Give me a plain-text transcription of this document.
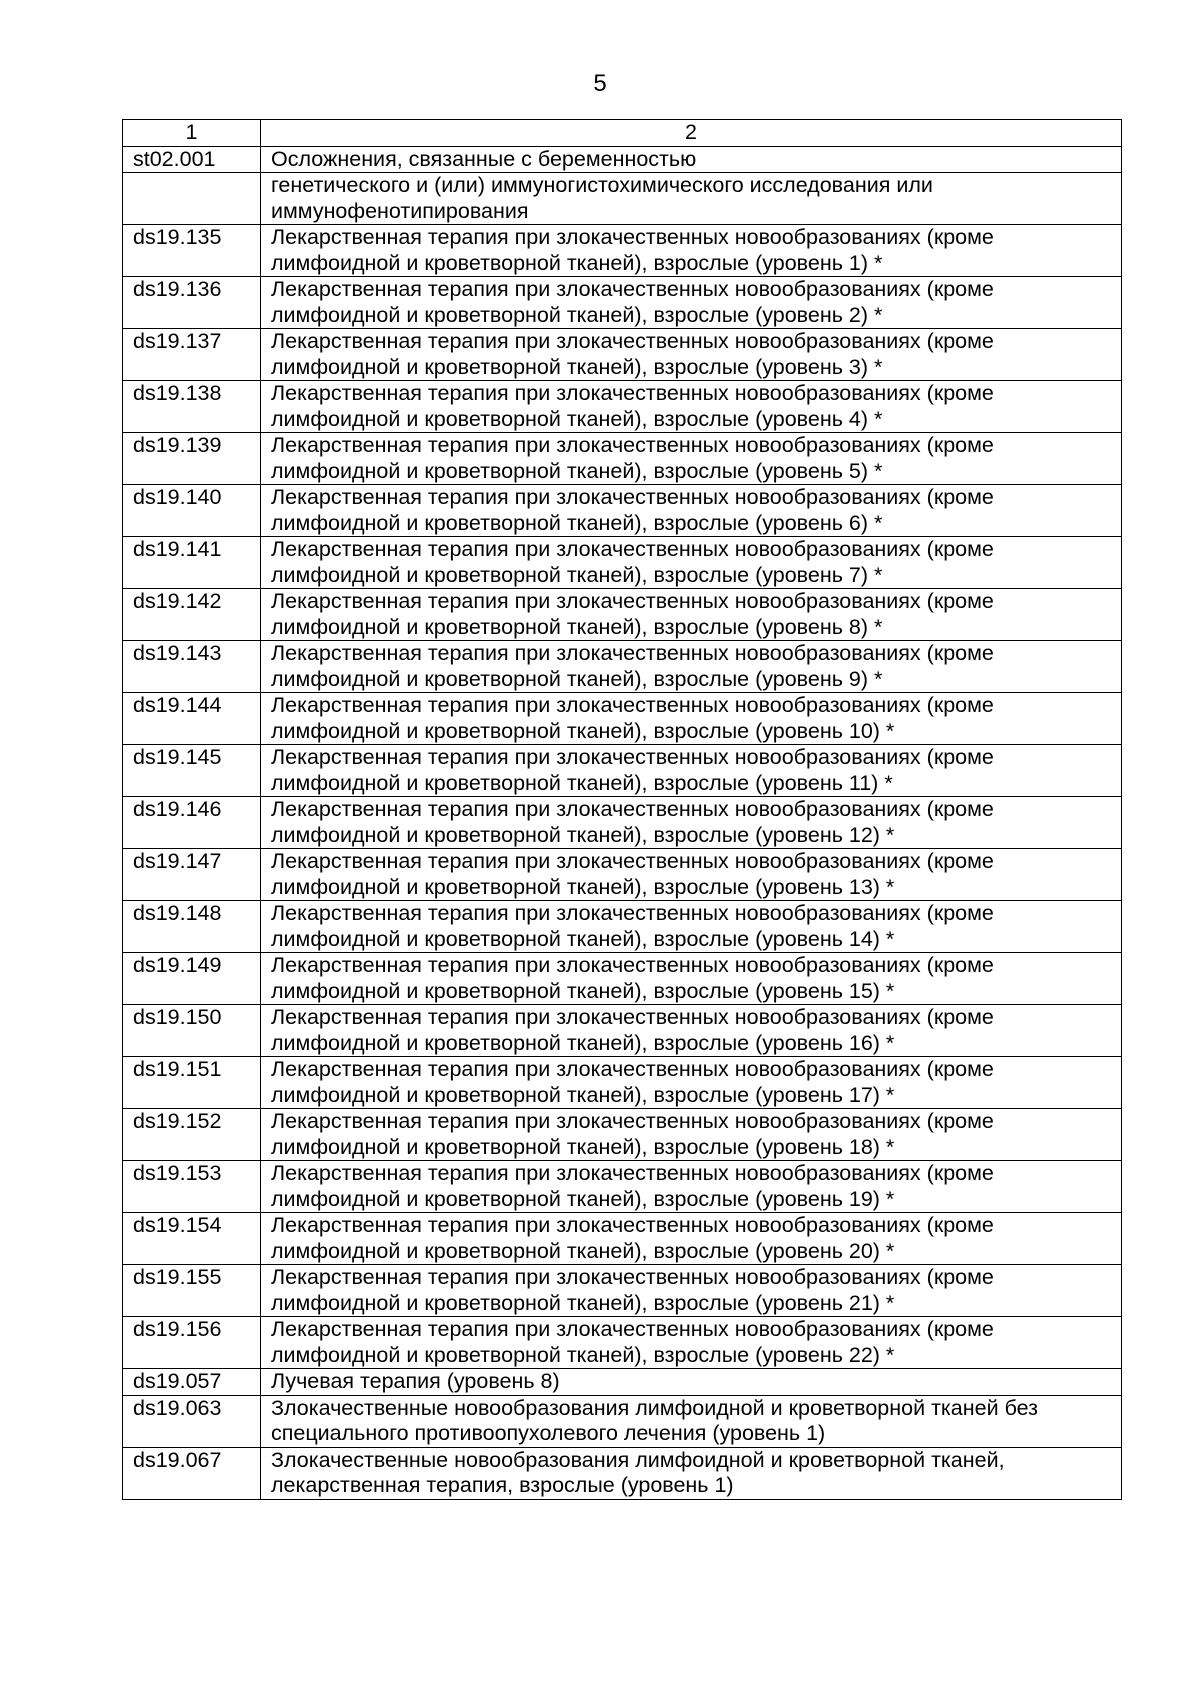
5
1	2
st02.001	Осложнения, связанные с беременностью
	генетического и (или) иммуногистохимического исследования или иммунофенотипирования
ds19.135	Лекарственная терапия при злокачественных новообразованиях (кроме лимфоидной и кроветворной тканей), взрослые (уровень 1) *
ds19.136	Лекарственная терапия при злокачественных новообразованиях (кроме лимфоидной и кроветворной тканей), взрослые (уровень 2) *
ds19.137	Лекарственная терапия при злокачественных новообразованиях (кроме лимфоидной и кроветворной тканей), взрослые (уровень 3) *
ds19.138	Лекарственная терапия при злокачественных новообразованиях (кроме лимфоидной и кроветворной тканей), взрослые (уровень 4) *
ds19.139	Лекарственная терапия при злокачественных новообразованиях (кроме лимфоидной и кроветворной тканей), взрослые (уровень 5) *
ds19.140	Лекарственная терапия при злокачественных новообразованиях (кроме лимфоидной и кроветворной тканей), взрослые (уровень 6) *
ds19.141	Лекарственная терапия при злокачественных новообразованиях (кроме лимфоидной и кроветворной тканей), взрослые (уровень 7) *
ds19.142	Лекарственная терапия при злокачественных новообразованиях (кроме лимфоидной и кроветворной тканей), взрослые (уровень 8) *
ds19.143	Лекарственная терапия при злокачественных новообразованиях (кроме лимфоидной и кроветворной тканей), взрослые (уровень 9) *
ds19.144	Лекарственная терапия при злокачественных новообразованиях (кроме лимфоидной и кроветворной тканей), взрослые (уровень 10) *
ds19.145	Лекарственная терапия при злокачественных новообразованиях (кроме лимфоидной и кроветворной тканей), взрослые (уровень 11) *
ds19.146	Лекарственная терапия при злокачественных новообразованиях (кроме лимфоидной и кроветворной тканей), взрослые (уровень 12) *
ds19.147	Лекарственная терапия при злокачественных новообразованиях (кроме лимфоидной и кроветворной тканей), взрослые (уровень 13) *
ds19.148	Лекарственная терапия при злокачественных новообразованиях (кроме лимфоидной и кроветворной тканей), взрослые (уровень 14) *
ds19.149	Лекарственная терапия при злокачественных новообразованиях (кроме лимфоидной и кроветворной тканей), взрослые (уровень 15) *
ds19.150	Лекарственная терапия при злокачественных новообразованиях (кроме лимфоидной и кроветворной тканей), взрослые (уровень 16) *
ds19.151	Лекарственная терапия при злокачественных новообразованиях (кроме лимфоидной и кроветворной тканей), взрослые (уровень 17) *
ds19.152	Лекарственная терапия при злокачественных новообразованиях (кроме лимфоидной и кроветворной тканей), взрослые (уровень 18) *
ds19.153	Лекарственная терапия при злокачественных новообразованиях (кроме лимфоидной и кроветворной тканей), взрослые (уровень 19) *
ds19.154	Лекарственная терапия при злокачественных новообразованиях (кроме лимфоидной и кроветворной тканей), взрослые (уровень 20) *
ds19.155	Лекарственная терапия при злокачественных новообразованиях (кроме лимфоидной и кроветворной тканей), взрослые (уровень 21) *
ds19.156	Лекарственная терапия при злокачественных новообразованиях (кроме лимфоидной и кроветворной тканей), взрослые (уровень 22) *
ds19.057	Лучевая терапия (уровень 8)
ds19.063	Злокачественные новообразования лимфоидной и кроветворной тканей без специального противоопухолевого лечения (уровень 1)
ds19.067	Злокачественные новообразования лимфоидной и кроветворной тканей, лекарственная терапия, взрослые (уровень 1)
